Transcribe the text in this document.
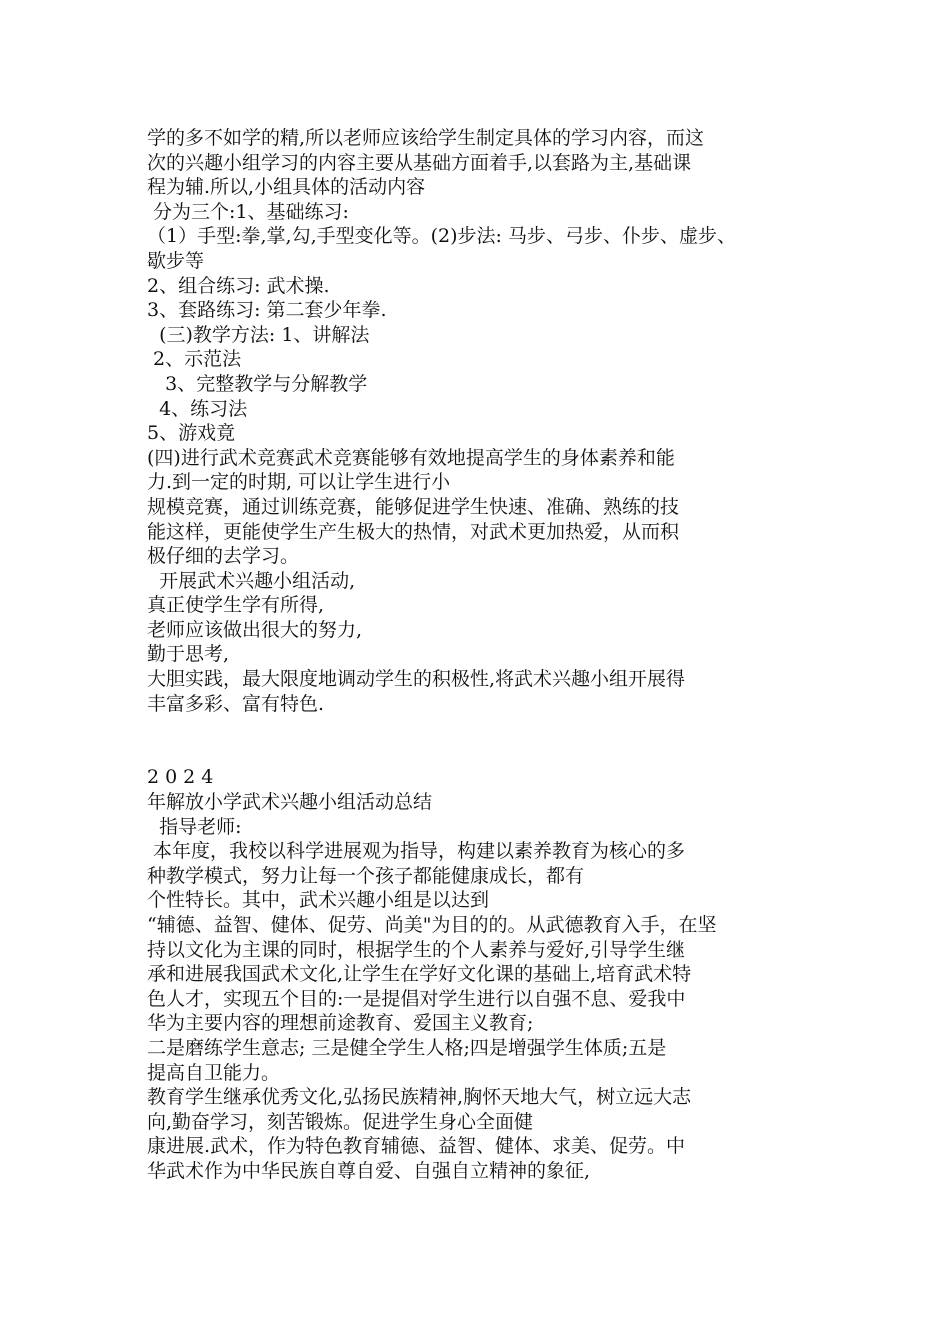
学的多不如学的精,所以老师应该给学生制定具体的学习内容，而这
次的兴趣小组学习的内容主要从基础方面着手,以套路为主,基础课
程为辅.所以,小组具体的活动内容
分为三个:1、基础练习:
（1）手型:拳,掌,勾,手型变化等。(2)步法: 马步、弓步、仆步、虚步、
歇步等
2、组合练习: 武术操.
3、套路练习: 第二套少年拳.
(三)教学方法: 1、讲解法
2、示范法
3、完整教学与分解教学
4、练习法
5、游戏竟
(四)进行武术竞赛武术竞赛能够有效地提高学生的身体素养和能
力.到一定的时期, 可以让学生进行小
规模竞赛，通过训练竞赛，能够促进学生快速、准确、熟练的技
能这样，更能使学生产生极大的热情，对武术更加热爱，从而积
极仔细的去学习。
开展武术兴趣小组活动,
真正使学生学有所得,
老师应该做出很大的努力,
勤于思考,
大胆实践，最大限度地调动学生的积极性,将武术兴趣小组开展得
丰富多彩、富有特色.
2024
年解放小学武术兴趣小组活动总结
指导老师:
本年度，我校以科学进展观为指导，构建以素养教育为核心的多
种教学模式，努力让每一个孩子都能健康成长，都有
个性特长。其中，武术兴趣小组是以达到
“辅德、益智、健体、促劳、尚美"为目的的。从武德教育入手，在坚
持以文化为主课的同时，根据学生的个人素养与爱好,引导学生继
承和进展我国武术文化,让学生在学好文化课的基础上,培育武术特
色人才，实现五个目的:一是提倡对学生进行以自强不息、爱我中
华为主要内容的理想前途教育、爱国主义教育;
二是磨练学生意志; 三是健全学生人格;四是增强学生体质;五是
提高自卫能力。
教育学生继承优秀文化,弘扬民族精神,胸怀天地大气，树立远大志
向,勤奋学习，刻苦锻炼。促进学生身心全面健
康进展.武术，作为特色教育辅德、益智、健体、求美、促劳。中
华武术作为中华民族自尊自爱、自强自立精神的象征,
